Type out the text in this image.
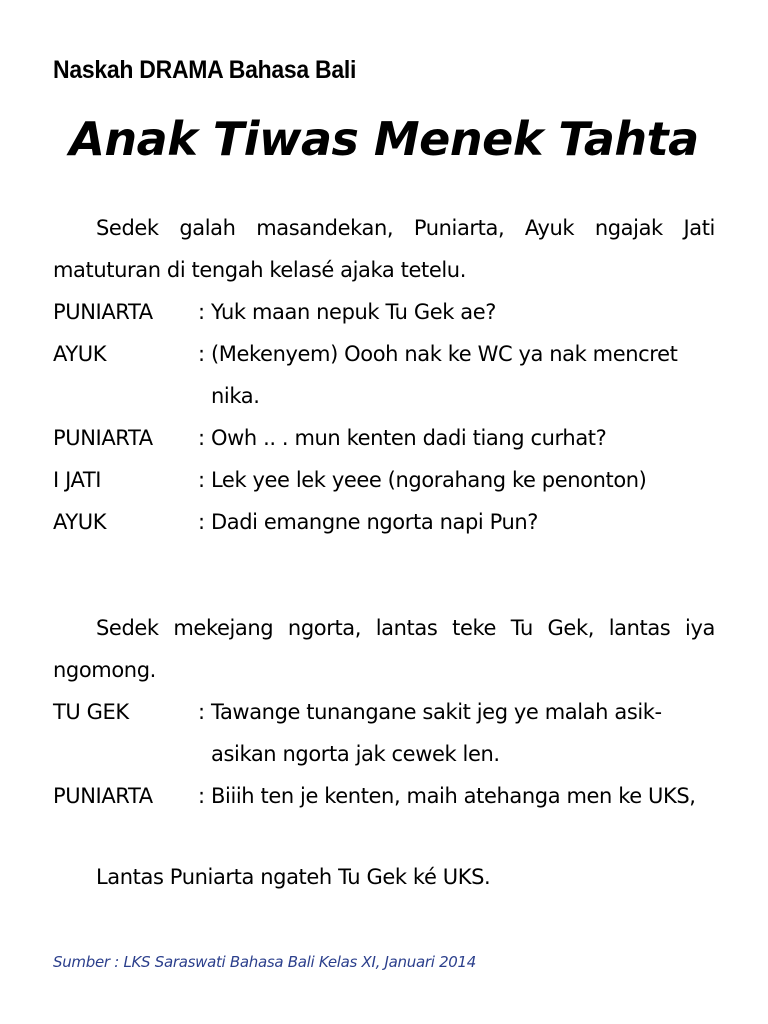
Naskah DRAMA Bahasa Bali
Anak Tiwas Menek Tahta

Sedek galah masandekan, Puniarta, Ayuk ngajak Jati matuturan di tengah kelasé ajaka tetelu.

PUNIARTA	: Yuk maan nepuk Tu Gek ae?
AYUK	: (Mekenyem) Oooh nak ke WC ya nak mencret
nika.
PUNIARTA	: Owh .. . mun kenten dadi tiang curhat?
I JATI	: Lek yee lek yeee (ngorahang ke penonton)
AYUK	: Dadi emangne ngorta napi Pun?

Sedek mekejang ngorta, lantas teke Tu Gek, lantas iya ngomong.

TU GEK	: Tawange tunangane sakit jeg ye malah asik-
asikan ngorta jak cewek len.
PUNIARTA	: Biiih ten je kenten, maih atehanga men ke UKS,

Lantas Puniarta ngateh Tu Gek ké UKS.

Sumber : LKS Saraswati Bahasa Bali Kelas XI, Januari 2014
